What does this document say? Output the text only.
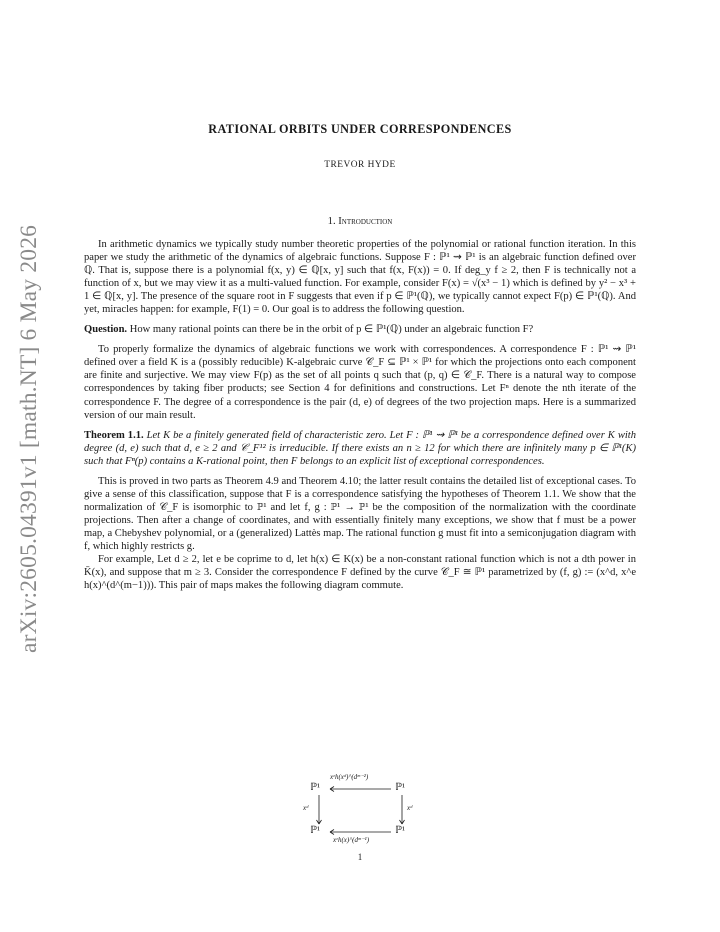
arXiv:2605.04391v1 [math.NT] 6 May 2026
RATIONAL ORBITS UNDER CORRESPONDENCES
TREVOR HYDE
1. Introduction

In arithmetic dynamics we typically study number theoretic properties of the polynomial or rational function iteration. In this paper we study the arithmetic of the dynamics of algebraic functions. Suppose F : ℙ¹ ⇝ ℙ¹ is an algebraic function defined over ℚ. That is, suppose there is a polynomial f(x, y) ∈ ℚ[x, y] such that f(x, F(x)) = 0. If deg_y f ≥ 2, then F is technically not a function of x, but we may view it as a multi-valued function. For example, consider F(x) = √(x³ − 1) which is defined by y² − x³ + 1 ∈ ℚ[x, y]. The presence of the square root in F suggests that even if p ∈ ℙ¹(ℚ), we typically cannot expect F(p) ∈ ℙ¹(ℚ). And yet, miracles happen: for example, F(1) = 0. Our goal is to address the following question.

Question. How many rational points can there be in the orbit of p ∈ ℙ¹(ℚ) under an algebraic function F?

To properly formalize the dynamics of algebraic functions we work with correspondences. A correspondence F : ℙ¹ ⇝ ℙ¹ defined over a field K is a (possibly reducible) K-algebraic curve 𝒞_F ⊆ ℙ¹ × ℙ¹ for which the projections onto each component are finite and surjective. We may view F(p) as the set of all points q such that (p, q) ∈ 𝒞_F. There is a natural way to compose correspondences by taking fiber products; see Section 4 for definitions and constructions. Let Fⁿ denote the nth iterate of the correspondence F. The degree of a correspondence is the pair (d, e) of degrees of the two projection maps. Here is a summarized version of our main result.

Theorem 1.1. Let K be a finitely generated field of characteristic zero. Let F : ℙ¹ ⇝ ℙ¹ be a correspondence defined over K with degree (d, e) such that d, e ≥ 2 and 𝒞_F¹² is irreducible. If there exists an n ≥ 12 for which there are infinitely many p ∈ ℙ¹(K) such that Fⁿ(p) contains a K-rational point, then F belongs to an explicit list of exceptional correspondences.

This is proved in two parts as Theorem 4.9 and Theorem 4.10; the latter result contains the detailed list of exceptional cases. To give a sense of this classification, suppose that F is a correspondence satisfying the hypotheses of Theorem 1.1. We show that the normalization of 𝒞_F is isomorphic to ℙ¹ and let f, g : ℙ¹ → ℙ¹ be the composition of the normalization with the coordinate projections. Then after a change of coordinates, and with essentially finitely many exceptions, we show that f must be a power map, a Chebyshev polynomial, or a (generalized) Lattès map. The rational function g must fit into a semiconjugation diagram with f, which highly restricts g.

For example, Let d ≥ 2, let e be coprime to d, let h(x) ∈ K(x) be a non-constant rational function which is not a dth power in K̄(x), and suppose that m ≥ 3. Consider the correspondence F defined by the curve 𝒞_F ≅ ℙ¹ parametrized by (f, g) := (x^d, x^e h(x)^(d^(m−1))). This pair of maps makes the following diagram commute.

ℙ¹	ℙ¹
ℙ¹	ℙ¹
xᵉh(xᵈ)^(dᵐ⁻²)
xᵉh(x)^(dᵐ⁻¹)
xᵈ	xᵈ
1
